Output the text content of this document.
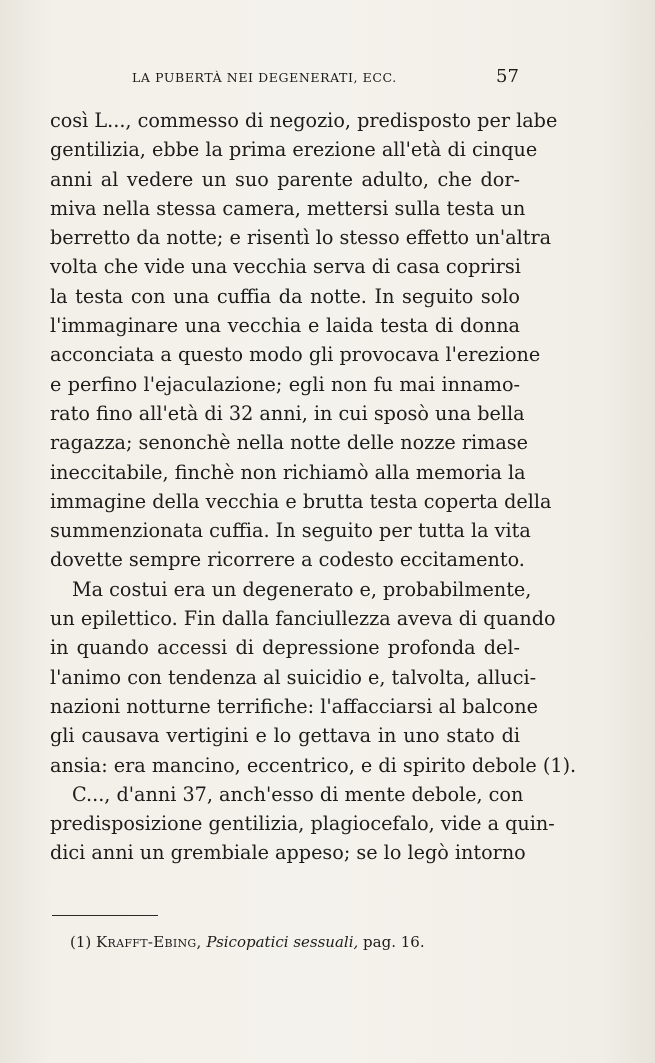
LA PUBERTÀ NEI DEGENERATI, ECC.	57
così L..., commesso di negozio, predisposto per labe
gentilizia, ebbe la prima erezione all'età di cinque
anni al vedere un suo parente adulto, che dor-
miva nella stessa camera, mettersi sulla testa un
berretto da notte; e risentì lo stesso effetto un'altra
volta che vide una vecchia serva di casa coprirsi
la testa con una cuffia da notte. In seguito solo
l'immaginare una vecchia e laida testa di donna
acconciata a questo modo gli provocava l'erezione
e perfino l'ejaculazione; egli non fu mai innamo-
rato fino all'età di 32 anni, in cui sposò una bella
ragazza; senonchè nella notte delle nozze rimase
ineccitabile, finchè non richiamò alla memoria la
immagine della vecchia e brutta testa coperta della
summenzionata cuffia. In seguito per tutta la vita
dovette sempre ricorrere a codesto eccitamento.
Ma costui era un degenerato e, probabilmente,
un epilettico. Fin dalla fanciullezza aveva di quando
in quando accessi di depressione profonda del-
l'animo con tendenza al suicidio e, talvolta, alluci-
nazioni notturne terrifiche: l'affacciarsi al balcone
gli causava vertigini e lo gettava in uno stato di
ansia: era mancino, eccentrico, e di spirito debole (1).
C..., d'anni 37, anch'esso di mente debole, con
predisposizione gentilizia, plagiocefalo, vide a quin-
dici anni un grembiale appeso; se lo legò intorno
(1) Krafft-Ebing, Psicopatici sessuali, pag. 16.
